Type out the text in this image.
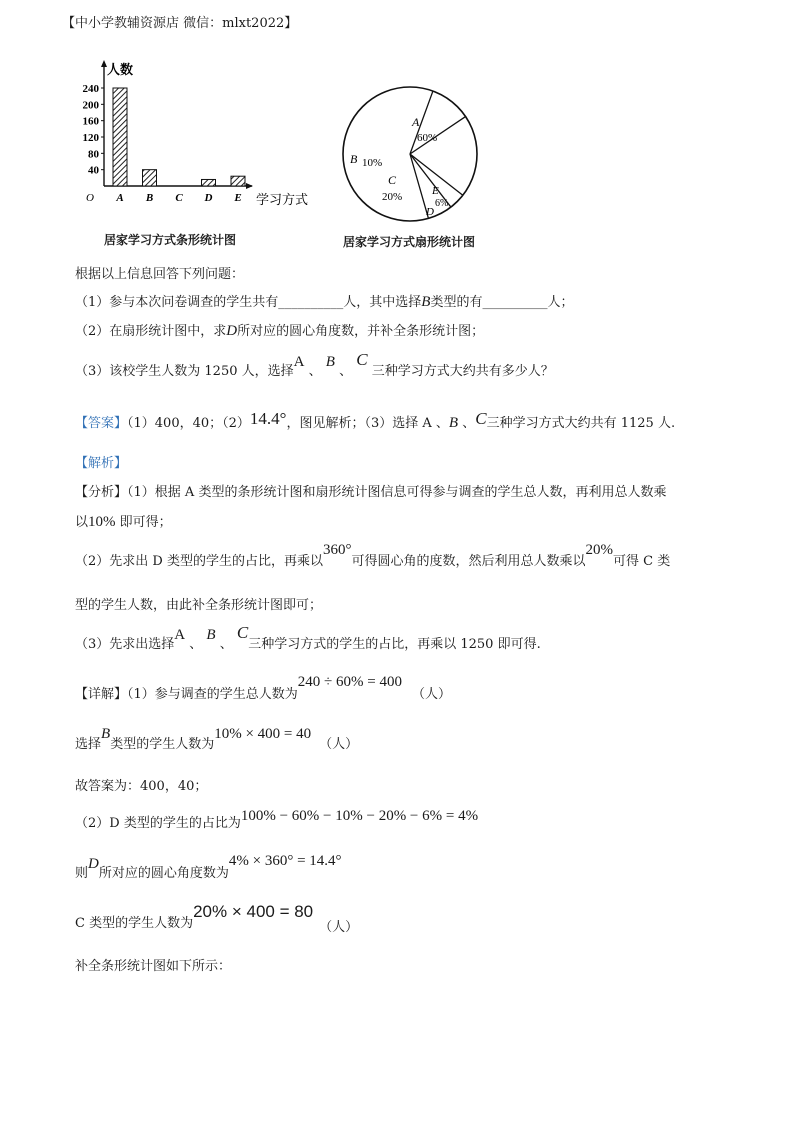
【中小学教辅资源店 微信：mlxt2022】
40
80
120
160
200
240
A B C D E
人数
学习方式
O
居家学习方式条形统计图
A
60%
B 10%
C
20%
D
E
6%
居家学习方式扇形统计图
根据以上信息回答下列问题：
（1）参与本次问卷调查的学生共有__________人，其中选择B类型的有__________人；
（2）在扇形统计图中，求D所对应的圆心角度数，并补全条形统计图；
（3）该校学生人数为 1250 人，选择A 、 B 、 C 三种学习方式大约共有多少人？
【答案】（1）400，40；（2）14.4°，图见解析；（3）选择 A 、B 、C三种学习方式大约共有 1125 人.
【解析】
【分析】（1）根据 A 类型的条形统计图和扇形统计图信息可得参与调查的学生总人数，再利用总人数乘
以10% 即可得；
（2）先求出 D 类型的学生的占比，再乘以360°可得圆心角的度数，然后利用总人数乘以20%可得 C 类
型的学生人数，由此补全条形统计图即可；
（3）先求出选择A 、 B 、 C三种学习方式的学生的占比，再乘以 1250 即可得.
【详解】（1）参与调查的学生总人数为240 ÷ 60% = 400（人）
选择B类型的学生人数为10% × 400 = 40（人）
故答案为：400，40；
（2）D 类型的学生的占比为100% − 60% − 10% − 20% − 6% = 4%
则D所对应的圆心角度数为4% × 360° = 14.4°
C 类型的学生人数为20% × 400 = 80（人）
补全条形统计图如下所示：
